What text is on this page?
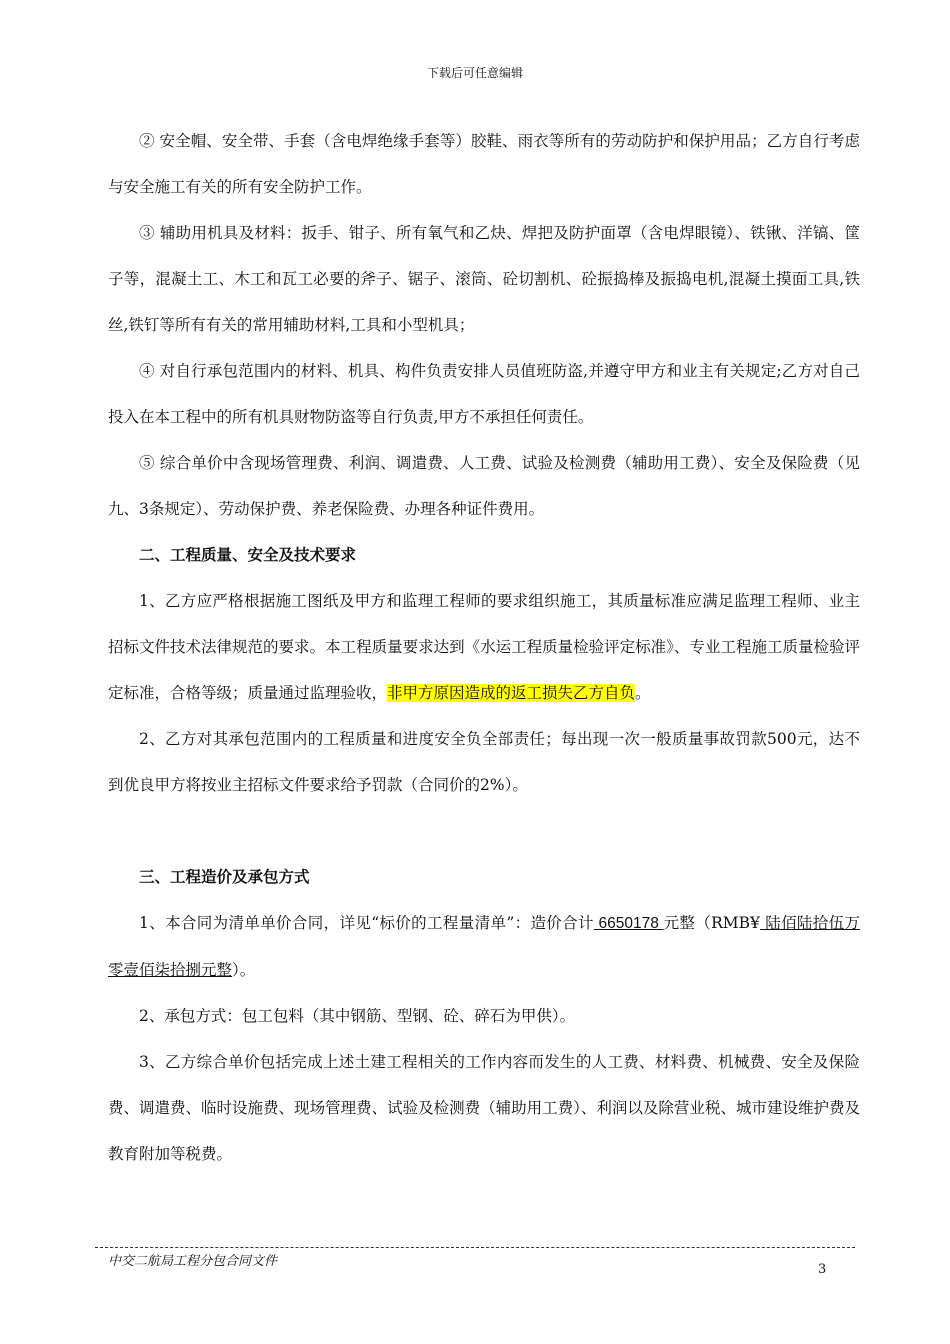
下载后可任意编辑

② 安全帽、安全带、手套（含电焊绝缘手套等）胶鞋、雨衣等所有的劳动防护和保护用品；乙方自行考虑与安全施工有关的所有安全防护工作。

③ 辅助用机具及材料：扳手、钳子、所有氧气和乙炔、焊把及防护面罩（含电焊眼镜）、铁锹、洋镐、筐子等，混凝土工、木工和瓦工必要的斧子、锯子、滚筒、砼切割机、砼振捣棒及振捣电机,混凝土摸面工具,铁丝,铁钉等所有有关的常用辅助材料,工具和小型机具；

④ 对自行承包范围内的材料、机具、构件负责安排人员值班防盗,并遵守甲方和业主有关规定;乙方对自己投入在本工程中的所有机具财物防盗等自行负责,甲方不承担任何责任。

⑤ 综合单价中含现场管理费、利润、调遣费、人工费、试验及检测费（辅助用工费）、安全及保险费（见九、3条规定）、劳动保护费、养老保险费、办理各种证件费用。

二、工程质量、安全及技术要求

1、乙方应严格根据施工图纸及甲方和监理工程师的要求组织施工，其质量标准应满足监理工程师、业主招标文件技术法律规范的要求。本工程质量要求达到《水运工程质量检验评定标准》、专业工程施工质量检验评定标准，合格等级；质量通过监理验收，非甲方原因造成的返工损失乙方自负。

2、乙方对其承包范围内的工程质量和进度安全负全部责任；每出现一次一般质量事故罚款500元，达不到优良甲方将按业主招标文件要求给予罚款（合同价的2%）。

三、工程造价及承包方式

1、本合同为清单单价合同，详见“标价的工程量清单”：造价合计 6650178 元整（RMB¥ 陆佰陆拾伍万零壹佰柒拾捌元整）。

2、承包方式：包工包料（其中钢筋、型钢、砼、碎石为甲供）。

3、乙方综合单价包括完成上述土建工程相关的工作内容而发生的人工费、材料费、机械费、安全及保险费、调遣费、临时设施费、现场管理费、试验及检测费（辅助用工费）、利润以及除营业税、城市建设维护费及教育附加等税费。

中交二航局工程分包合同文件
3
